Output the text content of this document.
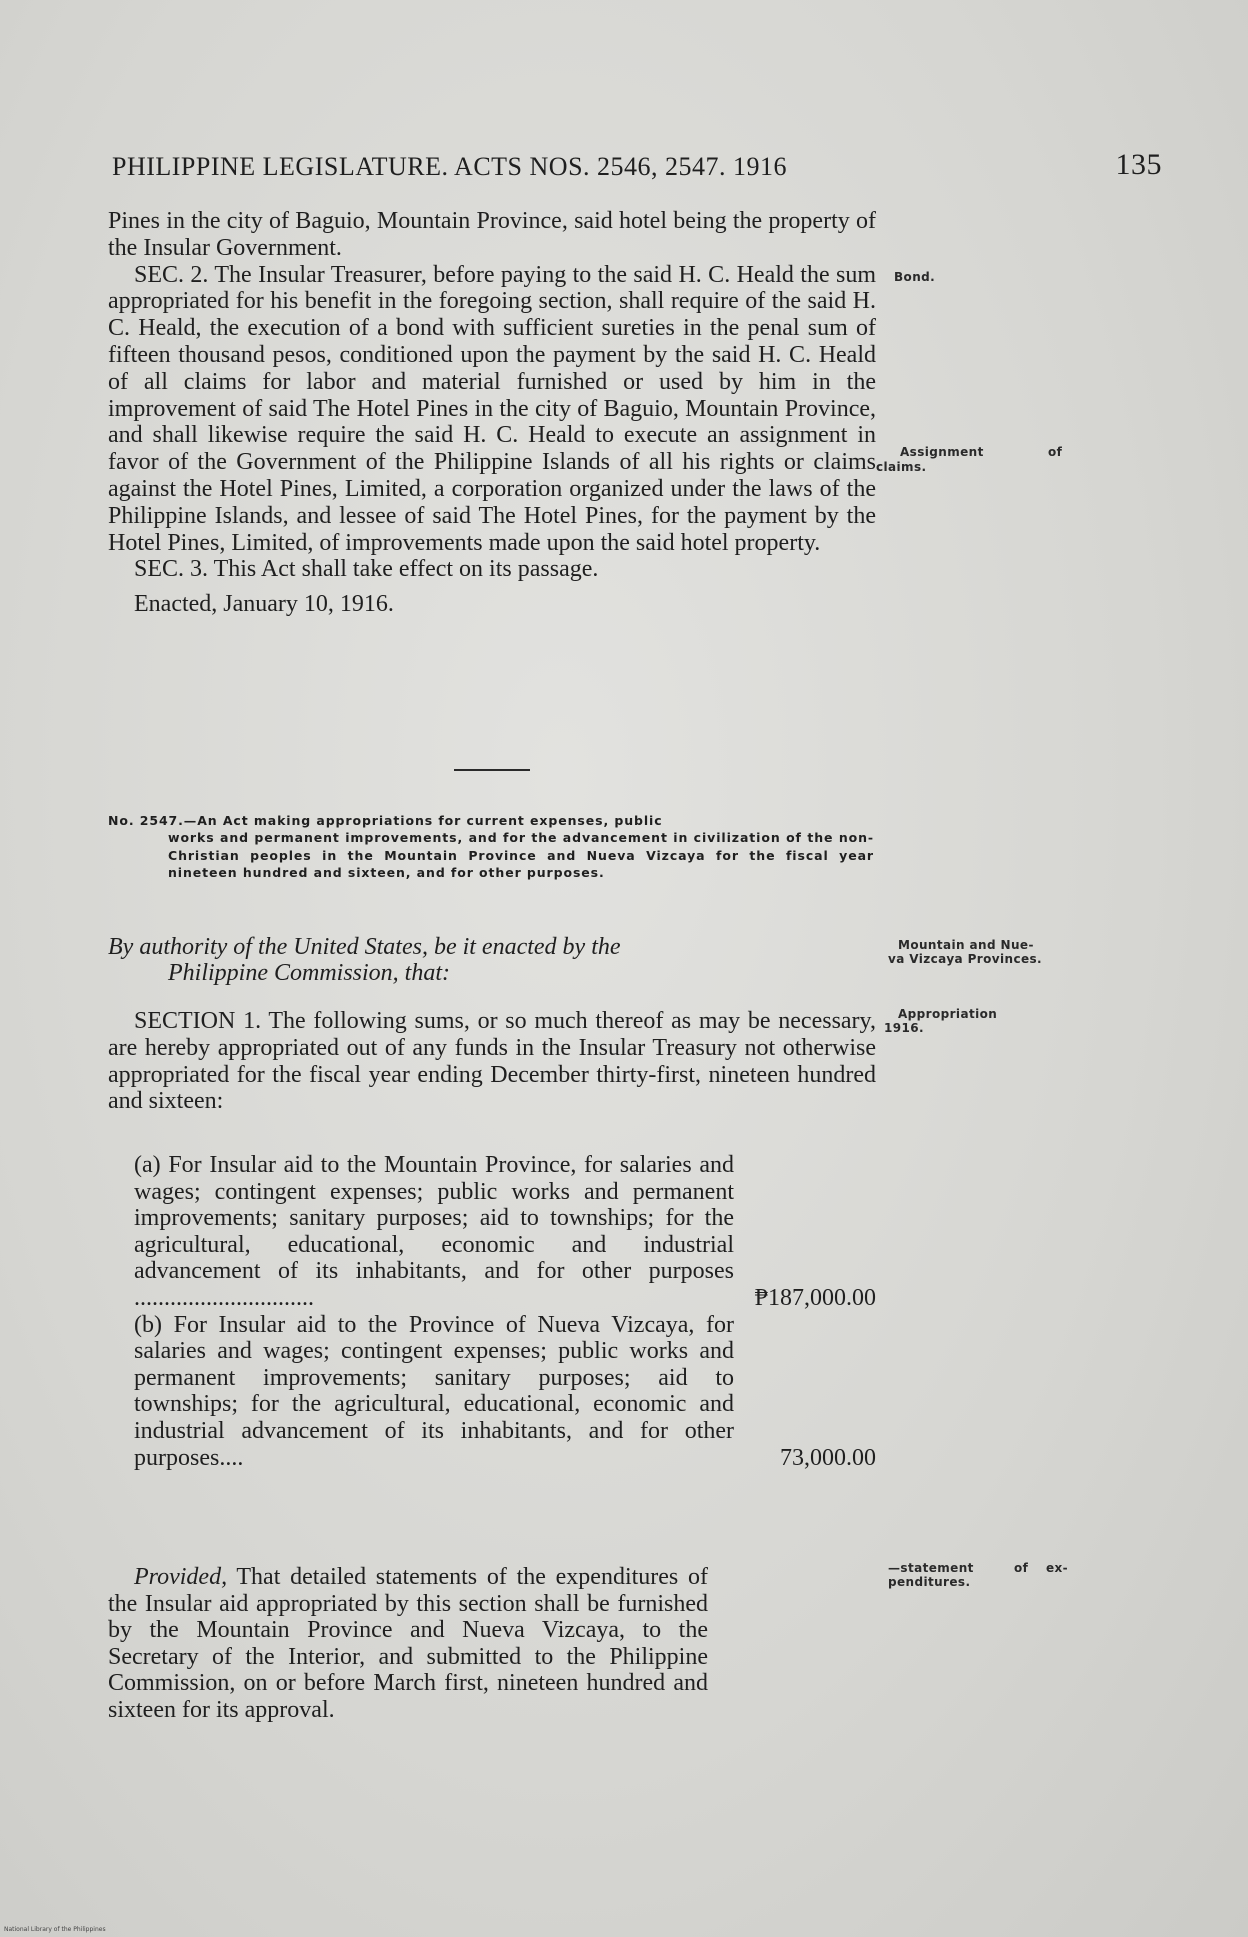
PHILIPPINE LEGISLATURE. ACTS NOS. 2546, 2547. 1916	135

Pines in the city of Baguio, Mountain Province, said hotel being the property of the Insular Government.

SEC. 2. The Insular Treasurer, before paying to the said H. C. Heald the sum appropriated for his benefit in the foregoing section, shall require of the said H. C. Heald, the execution of a bond with sufficient sureties in the penal sum of fifteen thousand pesos, conditioned upon the payment by the said H. C. Heald of all claims for labor and material furnished or used by him in the improvement of said The Hotel Pines in the city of Baguio, Mountain Province, and shall likewise require the said H. C. Heald to execute an assignment in favor of the Government of the Philippine Islands of all his rights or claims against the Hotel Pines, Limited, a corporation organized under the laws of the Philippine Islands, and lessee of said The Hotel Pines, for the payment by the Hotel Pines, Limited, of improvements made upon the said hotel property.

SEC. 3. This Act shall take effect on its passage.

Enacted, January 10, 1916.

No. 2547.—An Act making appropriations for current expenses, public
works and permanent improvements, and for the advancement in civilization of the non-Christian peoples in the Mountain Province and Nueva Vizcaya for the fiscal year nineteen hundred and sixteen, and for other purposes.
By authority of the United States, be it enacted by the
Philippine Commission, that:

SECTION 1. The following sums, or so much thereof as may be necessary, are hereby appropriated out of any funds in the Insular Treasury not otherwise appropriated for the fiscal year ending December thirty-first, nineteen hundred and sixteen:

(a) For Insular aid to the Mountain Province, for salaries and wages; contingent expenses; public works and permanent improvements; sanitary purposes; aid to townships; for the agricultural, educational, economic and industrial advancement of its inhabitants, and for other purposes ..............................	₱187,000.00
(b) For Insular aid to the Province of Nueva Vizcaya, for salaries and wages; contingent expenses; public works and permanent improvements; sanitary purposes; aid to townships; for the agricultural, educational, economic and industrial advancement of its inhabitants, and for other purposes....	73,000.00
Provided, That detailed statements of the expenditures of the Insular aid appropriated by this section shall be furnished by the Mountain Province and Nueva Vizcaya, to the Secretary of the Interior, and submitted to the Philippine Commission, on or before March first, nineteen hundred and sixteen for its approval.
Bond.
Assignment	of
claims.
Mountain and Nue-
va Vizcaya Provinces.
Appropriation
1916.
—statement	of ex-
penditures.
National Library of the Philippines
